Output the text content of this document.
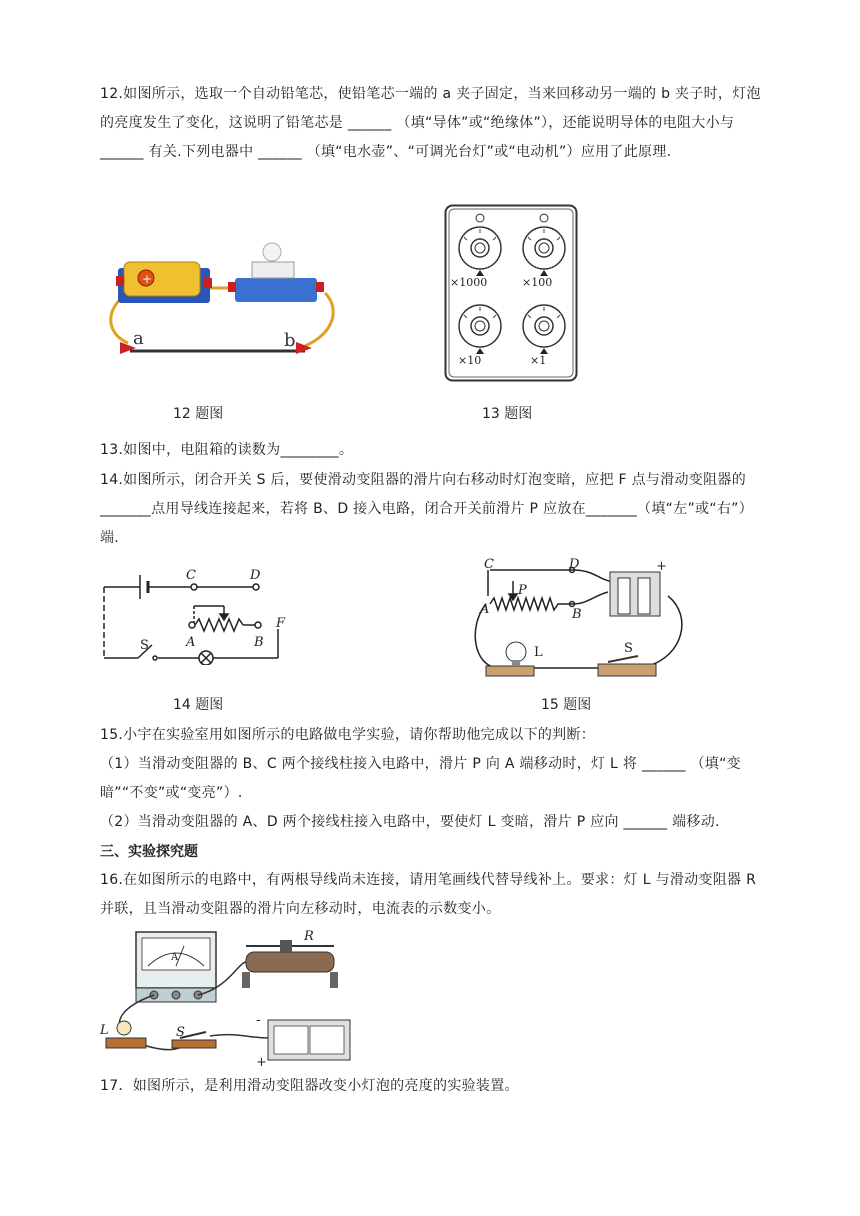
12.如图所示，选取一个自动铅笔芯，使铅笔芯一端的 a 夹子固定，当来回移动另一端的 b 夹子时，灯泡的亮度发生了变化，这说明了铅笔芯是 ______ （填“导体”或“绝缘体”），还能说明导体的电阻大小与 ______ 有关.下列电器中 ______ （填“电水壶”、“可调光台灯”或“电动机”）应用了此原理.

+
a	b
×1000	×100
×10	×1
12 题图	13 题图

13.如图中，电阻箱的读数为________。

14.如图所示，闭合开关 S 后，要使滑动变阻器的滑片向右移动时灯泡变暗，应把 F 点与滑动变阻器的_______点用导线连接起来，若将 B、D 接入电路，闭合开关前滑片 P 应放在_______（填“左”或“右”）端.

C	D
A	B
F
S
C	D
A	B
P
L	S
+
14 题图	15 题图

15.小宇在实验室用如图所示的电路做电学实验，请你帮助他完成以下的判断：

（1）当滑动变阻器的 B、C 两个接线柱接入电路中，滑片 P 向 A 端移动时，灯 L 将 ______ （填“变暗”“不变”或“变亮”）.

（2）当滑动变阻器的 A、D 两个接线柱接入电路中，要使灯 L 变暗，滑片 P 应向 ______ 端移动.

三、实验探究题

16.在如图所示的电路中，有两根导线尚未连接，请用笔画线代替导线补上。要求：灯 L 与滑动变阻器 R 并联，且当滑动变阻器的滑片向左移动时，电流表的示数变小。

A
R
L	S
-
+

17．如图所示，是利用滑动变阻器改变小灯泡的亮度的实验装置。
